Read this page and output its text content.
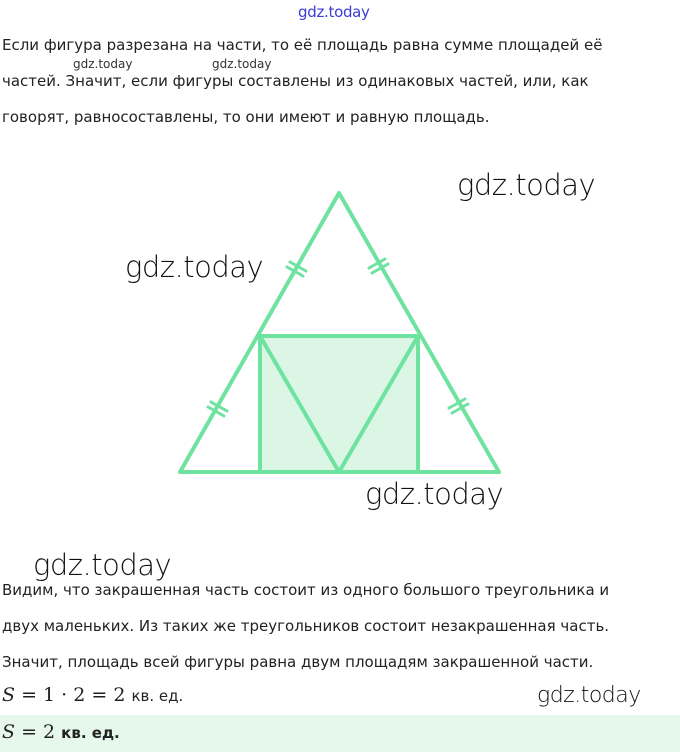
gdz.today
Если фигура разрезана на части, то её площадь равна сумме площадей её
частей. Значит, если фигуры составлены из одинаковых частей, или, как
говорят, равносоставлены, то они имеют и равную площадь.
gdz.today	gdz.today
gdz.today
gdz.today
gdz.today
gdz.today
Видим, что закрашенная часть состоит из одного большого треугольника и
двух маленьких. Из таких же треугольников состоит незакрашенная часть.
Значит, площадь всей фигуры равна двум площадям закрашенной части.
S = 1 · 2 = 2 кв. ед.	gdz.today
S = 2 кв. ед.
